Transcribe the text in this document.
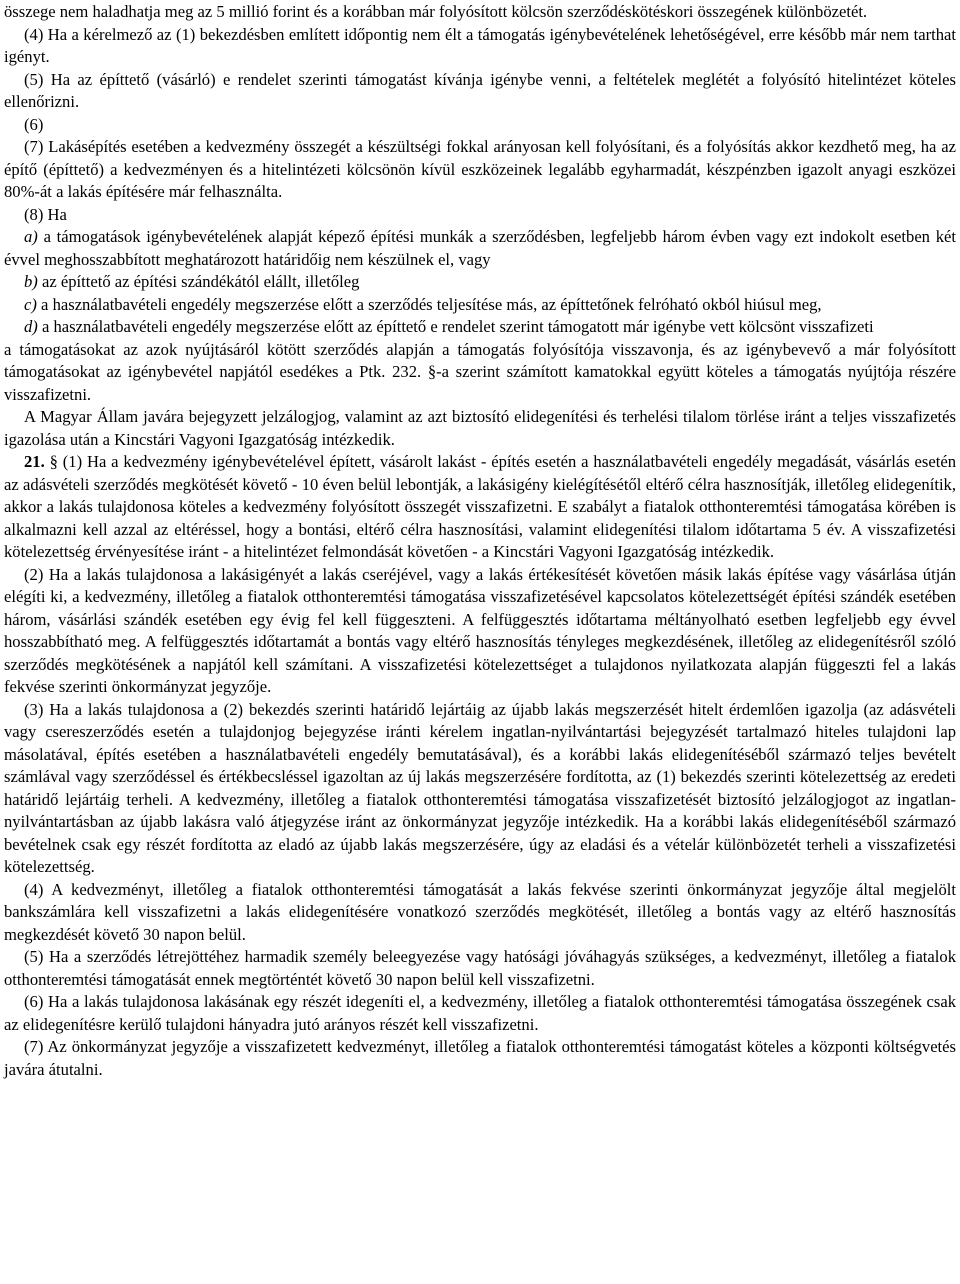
összege nem haladhatja meg az 5 millió forint és a korábban már folyósított kölcsön szerződéskötéskori összegének különbözetét.

(4) Ha a kérelmező az (1) bekezdésben említett időpontig nem élt a támogatás igénybevételének lehetőségével, erre később már nem tarthat igényt.

(5) Ha az építtető (vásárló) e rendelet szerinti támogatást kívánja igénybe venni, a feltételek meglétét a folyósító hitelintézet köteles ellenőrizni.

(6)

(7) Lakásépítés esetében a kedvezmény összegét a készültségi fokkal arányosan kell folyósítani, és a folyósítás akkor kezdhető meg, ha az építő (építtető) a kedvezményen és a hitelintézeti kölcsönön kívül eszközeinek legalább egyharmadát, készpénzben igazolt anyagi eszközei 80%-át a lakás építésére már felhasználta.

(8) Ha

a) a támogatások igénybevételének alapját képező építési munkák a szerződésben, legfeljebb három évben vagy ezt indokolt esetben két évvel meghosszabbított meghatározott határidőig nem készülnek el, vagy

b) az építtető az építési szándékától elállt, illetőleg

c) a használatbavételi engedély megszerzése előtt a szerződés teljesítése más, az építtetőnek felróható okból hiúsul meg,

d) a használatbavételi engedély megszerzése előtt az építtető e rendelet szerint támogatott már igénybe vett kölcsönt visszafizeti

a támogatásokat az azok nyújtásáról kötött szerződés alapján a támogatás folyósítója visszavonja, és az igénybevevő a már folyósított támogatásokat az igénybevétel napjától esedékes a Ptk. 232. §-a szerint számított kamatokkal együtt köteles a támogatás nyújtója részére visszafizetni.

A Magyar Állam javára bejegyzett jelzálogjog, valamint az azt biztosító elidegenítési és terhelési tilalom törlése iránt a teljes visszafizetés igazolása után a Kincstári Vagyoni Igazgatóság intézkedik.

21. § (1) Ha a kedvezmény igénybevételével épített, vásárolt lakást - építés esetén a használatbavételi engedély megadását, vásárlás esetén az adásvételi szerződés megkötését követő - 10 éven belül lebontják, a lakásigény kielégítésétől eltérő célra hasznosítják, illetőleg elidegenítik, akkor a lakás tulajdonosa köteles a kedvezmény folyósított összegét visszafizetni. E szabályt a fiatalok otthonteremtési támogatása körében is alkalmazni kell azzal az eltéréssel, hogy a bontási, eltérő célra hasznosítási, valamint elidegenítési tilalom időtartama 5 év. A visszafizetési kötelezettség érvényesítése iránt - a hitelintézet felmondását követően - a Kincstári Vagyoni Igazgatóság intézkedik.

(2) Ha a lakás tulajdonosa a lakásigényét a lakás cseréjével, vagy a lakás értékesítését követően másik lakás építése vagy vásárlása útján elégíti ki, a kedvezmény, illetőleg a fiatalok otthonteremtési támogatása visszafizetésével kapcsolatos kötelezettségét építési szándék esetében három, vásárlási szándék esetében egy évig fel kell függeszteni. A felfüggesztés időtartama méltányolható esetben legfeljebb egy évvel hosszabbítható meg. A felfüggesztés időtartamát a bontás vagy eltérő hasznosítás tényleges megkezdésének, illetőleg az elidegenítésről szóló szerződés megkötésének a napjától kell számítani. A visszafizetési kötelezettséget a tulajdonos nyilatkozata alapján függeszti fel a lakás fekvése szerinti önkormányzat jegyzője.

(3) Ha a lakás tulajdonosa a (2) bekezdés szerinti határidő lejártáig az újabb lakás megszerzését hitelt érdemlően igazolja (az adásvételi vagy csereszerződés esetén a tulajdonjog bejegyzése iránti kérelem ingatlan-nyilvántartási bejegyzését tartalmazó hiteles tulajdoni lap másolatával, építés esetében a használatbavételi engedély bemutatásával), és a korábbi lakás elidegenítéséből származó teljes bevételt számlával vagy szerződéssel és értékbecsléssel igazoltan az új lakás megszerzésére fordította, az (1) bekezdés szerinti kötelezettség az eredeti határidő lejártáig terheli. A kedvezmény, illetőleg a fiatalok otthonteremtési támogatása visszafizetését biztosító jelzálogjogot az ingatlan-nyilvántartásban az újabb lakásra való átjegyzése iránt az önkormányzat jegyzője intézkedik. Ha a korábbi lakás elidegenítéséből származó bevételnek csak egy részét fordította az eladó az újabb lakás megszerzésére, úgy az eladási és a vételár különbözetét terheli a visszafizetési kötelezettség.

(4) A kedvezményt, illetőleg a fiatalok otthonteremtési támogatását a lakás fekvése szerinti önkormányzat jegyzője által megjelölt bankszámlára kell visszafizetni a lakás elidegenítésére vonatkozó szerződés megkötését, illetőleg a bontás vagy az eltérő hasznosítás megkezdését követő 30 napon belül.

(5) Ha a szerződés létrejöttéhez harmadik személy beleegyezése vagy hatósági jóváhagyás szükséges, a kedvezményt, illetőleg a fiatalok otthonteremtési támogatását ennek megtörténtét követő 30 napon belül kell visszafizetni.

(6) Ha a lakás tulajdonosa lakásának egy részét idegeníti el, a kedvezmény, illetőleg a fiatalok otthonteremtési támogatása összegének csak az elidegenítésre kerülő tulajdoni hányadra jutó arányos részét kell visszafizetni.

(7) Az önkormányzat jegyzője a visszafizetett kedvezményt, illetőleg a fiatalok otthonteremtési támogatást köteles a központi költségvetés javára átutalni.
